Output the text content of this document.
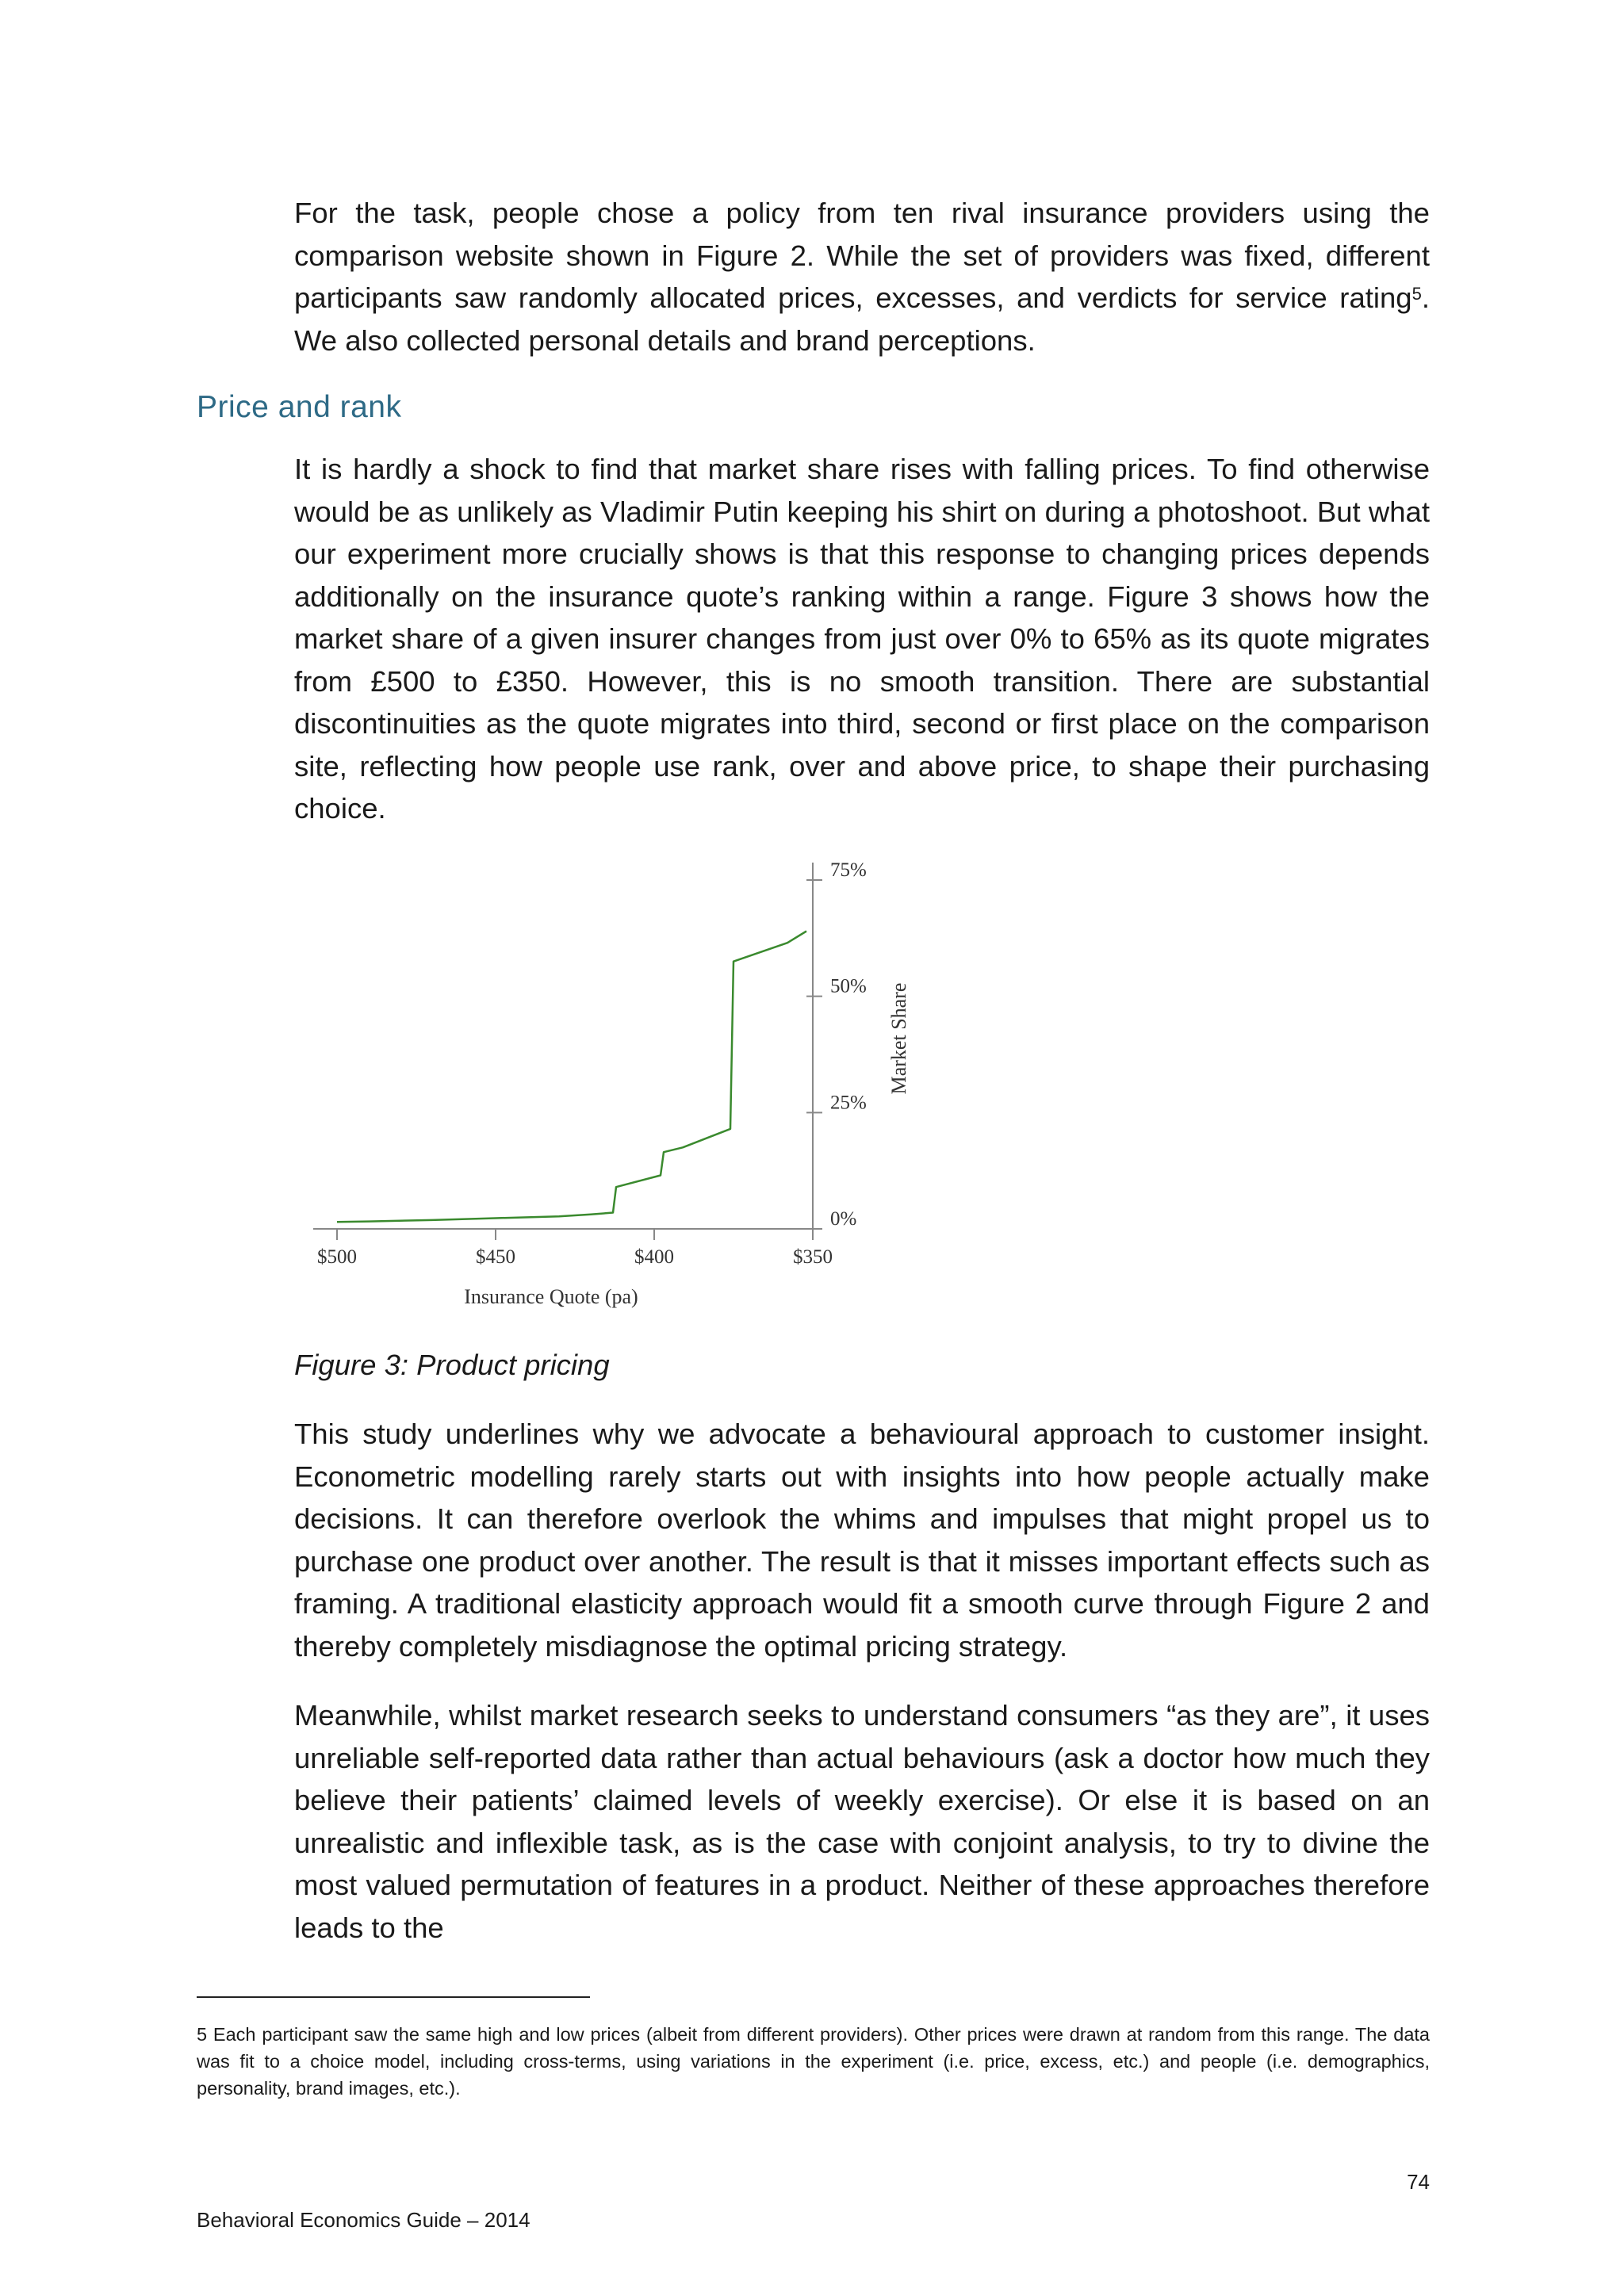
For the task, people chose a policy from ten rival insurance providers using the comparison website shown in Figure 2. While the set of providers was fixed, different participants saw randomly allocated prices, excesses, and verdicts for service rating$^5$. We also collected personal details and brand perceptions.

Price and rank

It is hardly a shock to find that market share rises with falling prices. To find otherwise would be as unlikely as Vladimir Putin keeping his shirt on during a photoshoot. But what our experiment more crucially shows is that this response to changing prices depends additionally on the insurance quote’s ranking within a range. Figure 3 shows how the market share of a given insurer changes from just over 0% to 65% as its quote migrates from £500 to £350. However, this is no smooth transition. There are substantial discontinuities as the quote migrates into third, second or first place on the comparison site, reflecting how people use rank, over and above price, to shape their purchasing choice.

$500	$450	$400	$350
0%
25%
50%
75%
Insurance Quote (pa)
Market Share

Figure 3: Product pricing

This study underlines why we advocate a behavioural approach to customer insight. Econometric modelling rarely starts out with insights into how people actually make decisions. It can therefore overlook the whims and impulses that might propel us to purchase one product over another. The result is that it misses important effects such as framing. A traditional elasticity approach would fit a smooth curve through Figure 2 and thereby completely misdiagnose the optimal pricing strategy.

Meanwhile, whilst market research seeks to understand consumers “as they are”, it uses unreliable self-reported data rather than actual behaviours (ask a doctor how much they believe their patients’ claimed levels of weekly exercise). Or else it is based on an unrealistic and inflexible task, as is the case with conjoint analysis, to try to divine the most valued permutation of features in a product. Neither of these approaches therefore leads to the

5 Each participant saw the same high and low prices (albeit from different providers). Other prices were drawn at random from this range. The data was fit to a choice model, including cross-terms, using variations in the experiment (i.e. price, excess, etc.) and people (i.e. demographics, personality, brand images, etc.).

74

Behavioral Economics Guide – 2014
